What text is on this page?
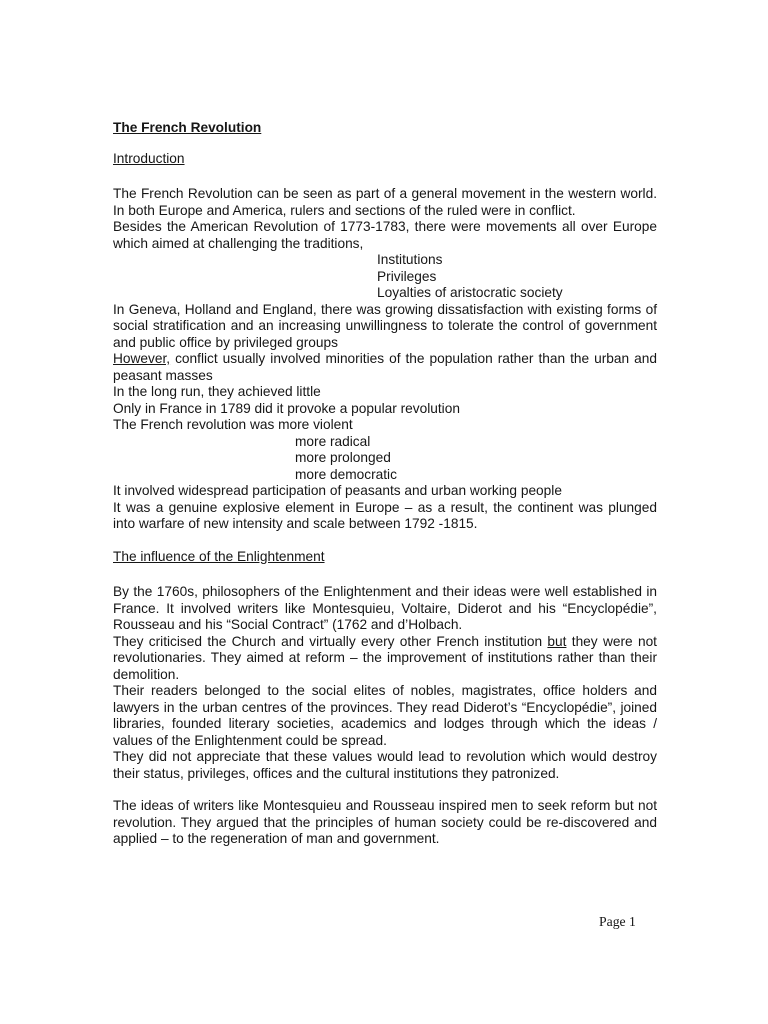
The French Revolution
Introduction

The French Revolution can be seen as part of a general movement in the western world. In both Europe and America, rulers and sections of the ruled were in conflict.

Besides the American Revolution of 1773-1783, there were movements all over Europe which aimed at challenging the traditions,

Institutions

Privileges

Loyalties of aristocratic society

In Geneva, Holland and England, there was growing dissatisfaction with existing forms of social stratification and an increasing unwillingness to tolerate the control of government and public office by privileged groups

However, conflict usually involved minorities of the population rather than the urban and peasant masses

In the long run, they achieved little

Only in France in 1789 did it provoke a popular revolution

The French revolution was more violent

more radical

more prolonged

more democratic

It involved widespread participation of peasants and urban working people

It was a genuine explosive element in Europe – as a result, the continent was plunged into warfare of new intensity and scale between 1792 -1815.

The influence of the Enlightenment

By the 1760s, philosophers of the Enlightenment and their ideas were well established in France. It involved writers like Montesquieu, Voltaire, Diderot and his “Encyclopédie”, Rousseau and his “Social Contract” (1762 and d’Holbach.

They criticised the Church and virtually every other French institution but they were not revolutionaries. They aimed at reform – the improvement of institutions rather than their demolition.

Their readers belonged to the social elites of nobles, magistrates, office holders and lawyers in the urban centres of the provinces. They read Diderot’s “Encyclopédie”, joined libraries, founded literary societies, academics and lodges through which the ideas / values of the Enlightenment could be spread.

They did not appreciate that these values would lead to revolution which would destroy their status, privileges, offices and the cultural institutions they patronized.

The ideas of writers like Montesquieu and Rousseau inspired men to seek reform but not revolution. They argued that the principles of human society could be re-discovered and applied – to the regeneration of man and government.

Page 1
